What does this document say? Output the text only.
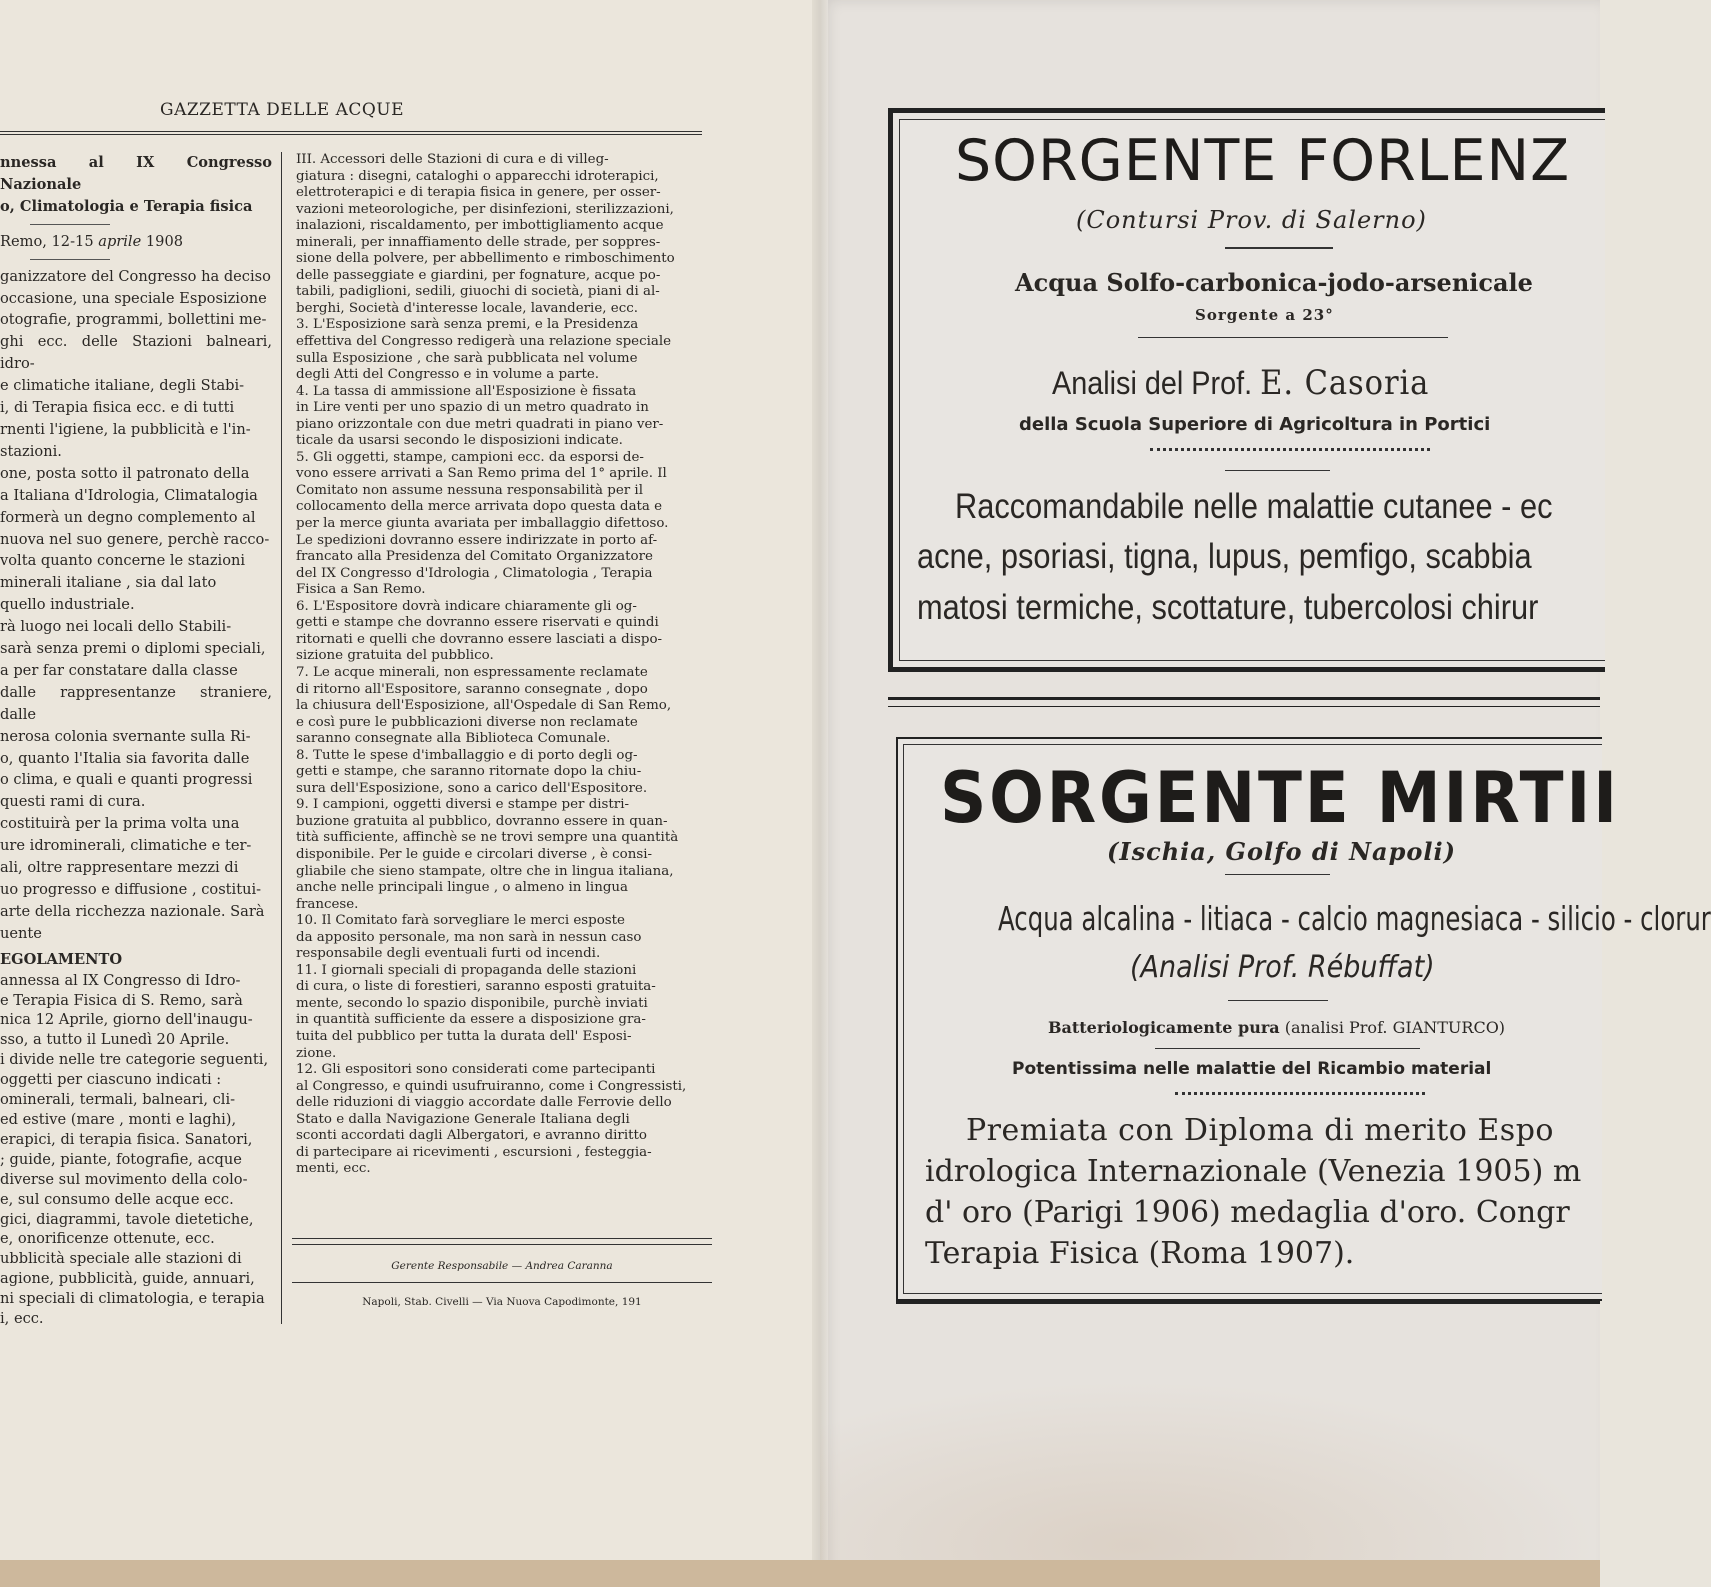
GAZZETTA DELLE ACQUE

nnessa al IX Congresso Nazionale

o, Climatologia e Terapia fisica

Remo, 12-15 aprile 1908

ganizzatore del Congresso ha deciso

occasione, una speciale Esposizione

otografie, programmi, bollettini me-

ghi ecc. delle Stazioni balneari, idro-

e climatiche italiane, degli Stabi-

i, di Terapia fisica ecc. e di tutti

rnenti l'igiene, la pubblicità e l'in-

stazioni.

one, posta sotto il patronato della

a Italiana d'Idrologia, Climatalogia

formerà un degno complemento al

nuova nel suo genere, perchè racco-

volta quanto concerne le stazioni

minerali italiane , sia dal lato

quello industriale.

rà luogo nei locali dello Stabili-

sarà senza premi o diplomi speciali,

a per far constatare dalla classe

dalle rappresentanze straniere, dalle

nerosa colonia svernante sulla Ri-

o, quanto l'Italia sia favorita dalle

o clima, e quali e quanti progressi

questi rami di cura.

costituirà per la prima volta una

ure idrominerali, climatiche e ter-

ali, oltre rappresentare mezzi di

uo progresso e diffusione , costitui-

arte della ricchezza nazionale. Sarà

uente

EGOLAMENTO

annessa al IX Congresso di Idro-

e Terapia Fisica di S. Remo, sarà

nica 12 Aprile, giorno dell'inaugu-

sso, a tutto il Lunedì 20 Aprile.

i divide nelle tre categorie seguenti,

oggetti per ciascuno indicati :

ominerali, termali, balneari, cli-

ed estive (mare , monti e laghi),

erapici, di terapia fisica. Sanatori,

; guide, piante, fotografie, acque

diverse sul movimento della colo-

e, sul consumo delle acque ecc.

gici, diagrammi, tavole dietetiche,

e, onorificenze ottenute, ecc.

ubblicità speciale alle stazioni di

agione, pubblicità, guide, annuari,

ni speciali di climatologia, e terapia

i, ecc.

III. Accessori delle Stazioni di cura e di villeg-

giatura : disegni, cataloghi o apparecchi idroterapici,

elettroterapici e di terapia fisica in genere, per osser-

vazioni meteorologiche, per disinfezioni, sterilizzazioni,

inalazioni, riscaldamento, per imbottigliamento acque

minerali, per innaffiamento delle strade, per soppres-

sione della polvere, per abbellimento e rimboschimento

delle passeggiate e giardini, per fognature, acque po-

tabili, padiglioni, sedili, giuochi di società, piani di al-

berghi, Società d'interesse locale, lavanderie, ecc.

3. L'Esposizione sarà senza premi, e la Presidenza

effettiva del Congresso redigerà una relazione speciale

sulla Esposizione , che sarà pubblicata nel volume

degli Atti del Congresso e in volume a parte.

4. La tassa di ammissione all'Esposizione è fissata

in Lire venti per uno spazio di un metro quadrato in

piano orizzontale con due metri quadrati in piano ver-

ticale da usarsi secondo le disposizioni indicate.

5. Gli oggetti, stampe, campioni ecc. da esporsi de-

vono essere arrivati a San Remo prima del 1° aprile. Il

Comitato non assume nessuna responsabilità per il

collocamento della merce arrivata dopo questa data e

per la merce giunta avariata per imballaggio difettoso.

Le spedizioni dovranno essere indirizzate in porto af-

francato alla Presidenza del Comitato Organizzatore

del IX Congresso d'Idrologia , Climatologia , Terapia

Fisica a San Remo.

6. L'Espositore dovrà indicare chiaramente gli og-

getti e stampe che dovranno essere riservati e quindi

ritornati e quelli che dovranno essere lasciati a dispo-

sizione gratuita del pubblico.

7. Le acque minerali, non espressamente reclamate

di ritorno all'Espositore, saranno consegnate , dopo

la chiusura dell'Esposizione, all'Ospedale di San Remo,

e così pure le pubblicazioni diverse non reclamate

saranno consegnate alla Biblioteca Comunale.

8. Tutte le spese d'imballaggio e di porto degli og-

getti e stampe, che saranno ritornate dopo la chiu-

sura dell'Esposizione, sono a carico dell'Espositore.

9. I campioni, oggetti diversi e stampe per distri-

buzione gratuita al pubblico, dovranno essere in quan-

tità sufficiente, affinchè se ne trovi sempre una quantità

disponibile. Per le guide e circolari diverse , è consi-

gliabile che sieno stampate, oltre che in lingua italiana,

anche nelle principali lingue , o almeno in lingua

francese.

10. Il Comitato farà sorvegliare le merci esposte

da apposito personale, ma non sarà in nessun caso

responsabile degli eventuali furti od incendi.

11. I giornali speciali di propaganda delle stazioni

di cura, o liste di forestieri, saranno esposti gratuita-

mente, secondo lo spazio disponibile, purchè inviati

in quantità sufficiente da essere a disposizione gra-

tuita del pubblico per tutta la durata dell' Esposi-

zione.

12. Gli espositori sono considerati come partecipanti

al Congresso, e quindi usufruiranno, come i Congressisti,

delle riduzioni di viaggio accordate dalle Ferrovie dello

Stato e dalla Navigazione Generale Italiana degli

sconti accordati dagli Albergatori, e avranno diritto

di partecipare ai ricevimenti , escursioni , festeggia-

menti, ecc.

Gerente Responsabile — Andrea Caranna
Napoli, Stab. Civelli — Via Nuova Capodimonte, 191
SORGENTE FORLENZ
(Contursi Prov. di Salerno)
Acqua Solfo-carbonica-jodo-arsenicale
Sorgente a 23°
Analisi del Prof. E. Casoria
della Scuola Superiore di Agricoltura in Portici
Raccomandabile nelle malattie cutanee - ec
acne, psoriasi, tigna, lupus, pemfigo, scabbia
matosi termiche, scottature, tubercolosi chirur
SORGENTE MIRTII
(Ischia, Golfo di Napoli)
Acqua alcalina - litiaca - calcio magnesiaca - silicio - clorur
(Analisi Prof. Rébuffat)
Batteriologicamente pura (analisi Prof. GIANTURCO)
Potentissima nelle malattie del Ricambio material
Premiata con Diploma di merito Espo
idrologica Internazionale (Venezia 1905) m
d' oro (Parigi 1906) medaglia d'oro. Congr
Terapia Fisica (Roma 1907).
